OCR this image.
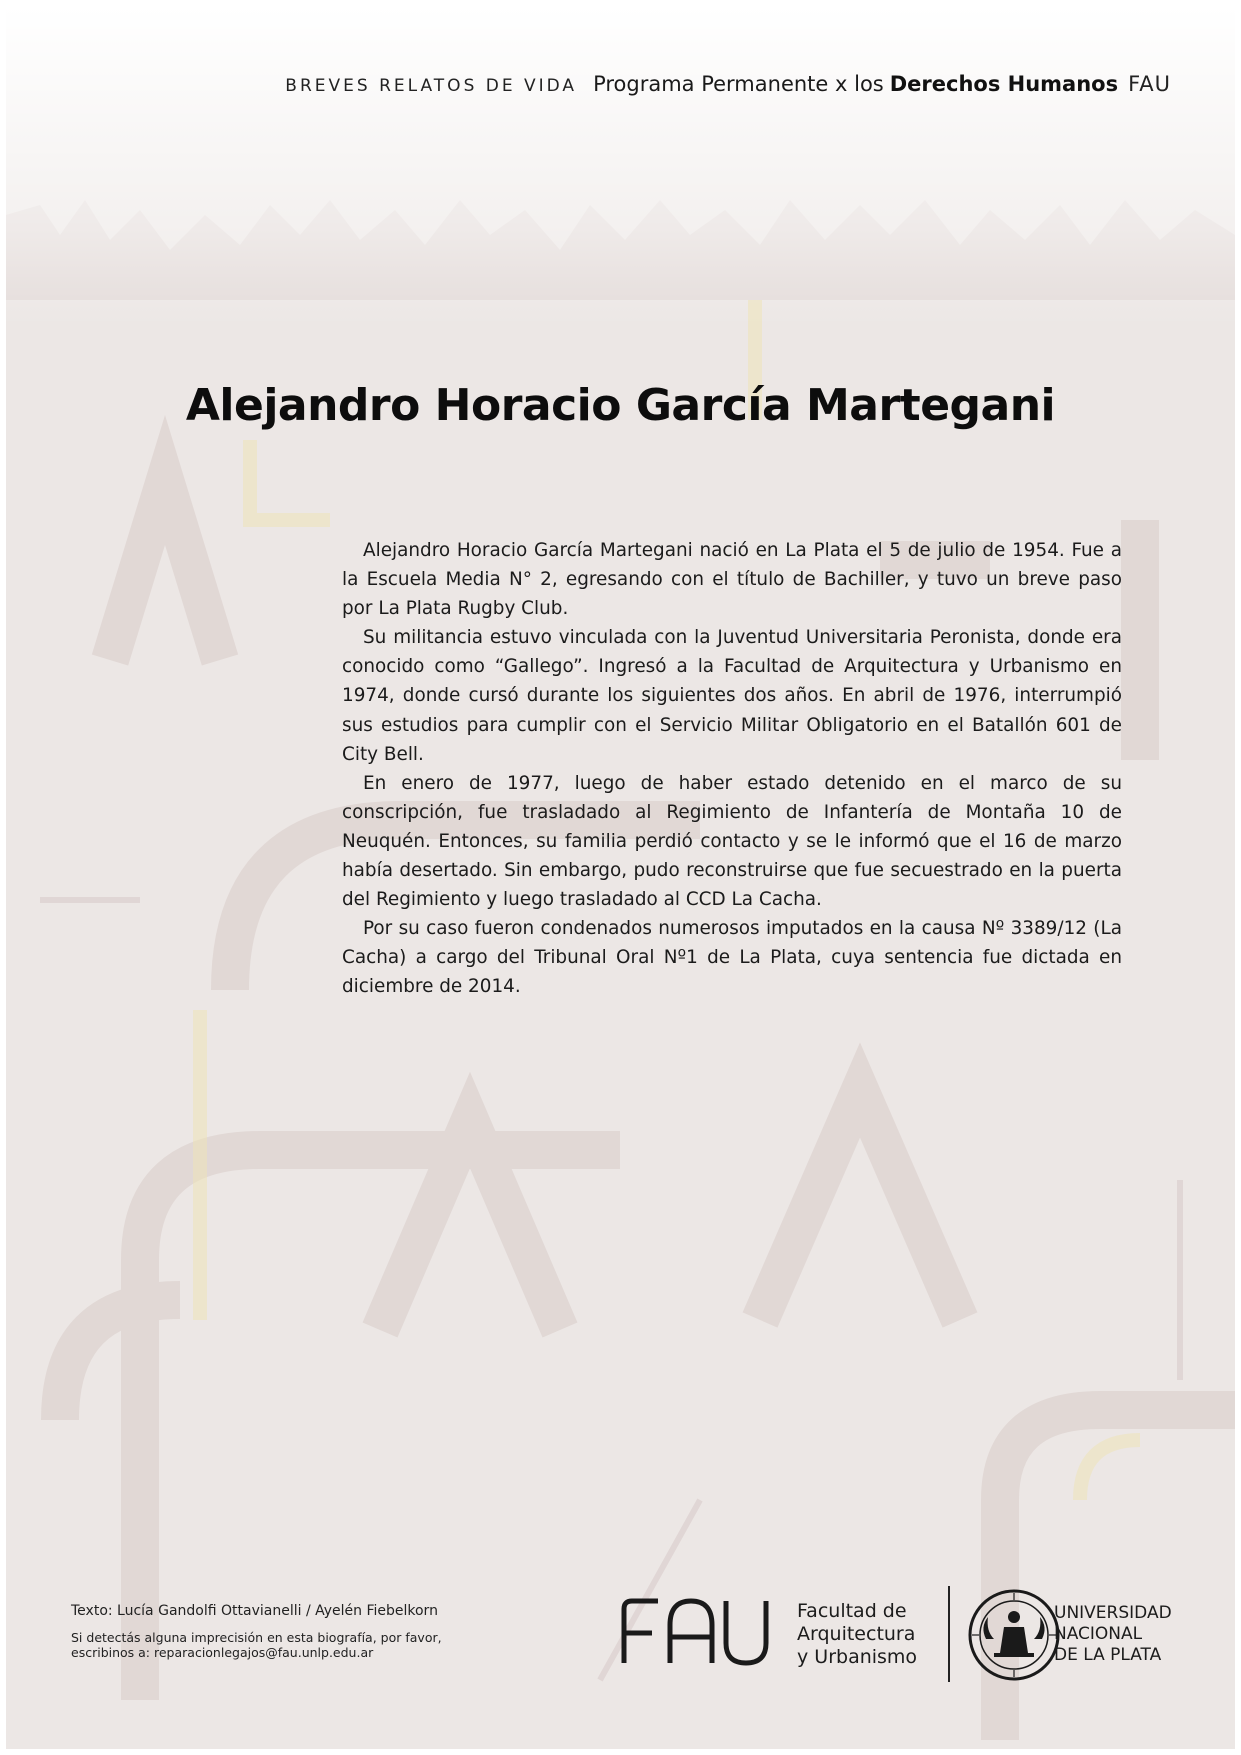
BREVES RELATOS DE VIDA Programa Permanente x los Derechos Humanos FAU
Alejandro Horacio García Martegani

Alejandro Horacio García Martegani nació en La Plata el 5 de julio de 1954. Fue a la Escuela Media N° 2, egresando con el título de Bachiller, y tuvo un breve paso por La Plata Rugby Club.

Su militancia estuvo vinculada con la Juventud Universitaria Peronista, donde era conocido como “Gallego”. Ingresó a la Facultad de Arquitectura y Urbanismo en 1974, donde cursó durante los siguientes dos años. En abril de 1976, interrumpió sus estudios para cumplir con el Servicio Militar Obligatorio en el Batallón 601 de City Bell.

En enero de 1977, luego de haber estado detenido en el marco de su conscripción, fue trasladado al Regimiento de Infantería de Montaña 10 de Neuquén. Entonces, su familia perdió contacto y se le informó que el 16 de marzo había desertado. Sin embargo, pudo reconstruirse que fue secuestrado en la puerta del Regimiento y luego trasladado al CCD La Cacha.

Por su caso fueron condenados numerosos imputados en la causa Nº 3389/12 (La Cacha) a cargo del Tribunal Oral Nº1 de La Plata, cuya sentencia fue dictada en diciembre de 2014.

Texto: Lucía Gandolfi Ottavianelli / Ayelén Fiebelkorn
Si detectás alguna imprecisión en esta biografía, por favor,
escribinos a: reparacionlegajos@fau.unlp.edu.ar
Facultad de
Arquitectura
y Urbanismo
UNIVERSIDAD
NACIONAL
DE LA PLATA
